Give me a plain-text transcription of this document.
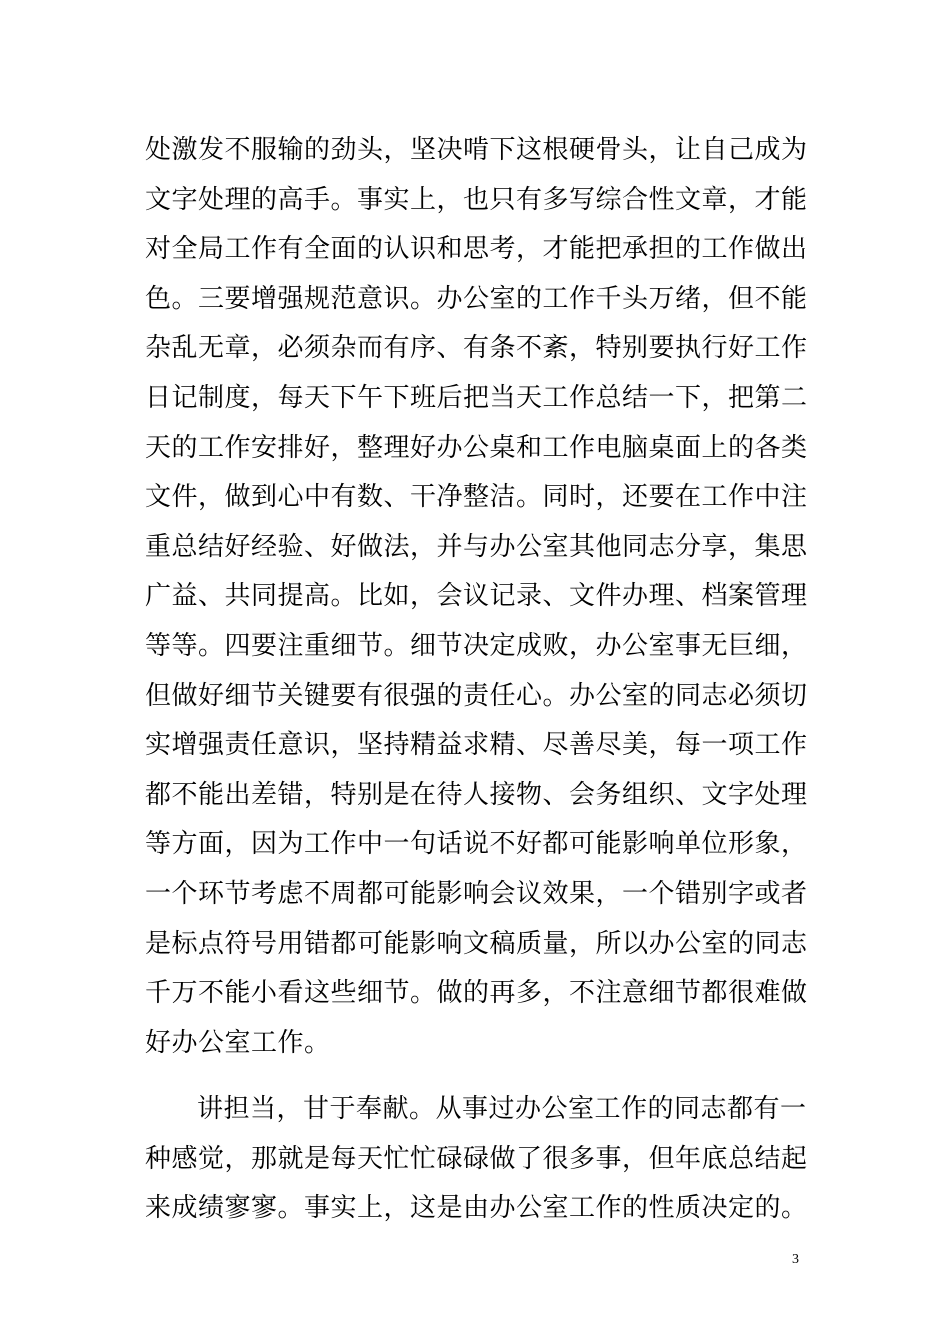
处激发不服输的劲头，坚决啃下这根硬骨头，让自己成为
文字处理的高手。事实上，也只有多写综合性文章，才能
对全局工作有全面的认识和思考，才能把承担的工作做出
色。三要增强规范意识。办公室的工作千头万绪，但不能
杂乱无章，必须杂而有序、有条不紊，特别要执行好工作
日记制度，每天下午下班后把当天工作总结一下，把第二
天的工作安排好，整理好办公桌和工作电脑桌面上的各类
文件，做到心中有数、干净整洁。同时，还要在工作中注
重总结好经验、好做法，并与办公室其他同志分享，集思
广益、共同提高。比如，会议记录、文件办理、档案管理
等等。四要注重细节。细节决定成败，办公室事无巨细，
但做好细节关键要有很强的责任心。办公室的同志必须切
实增强责任意识，坚持精益求精、尽善尽美，每一项工作
都不能出差错，特别是在待人接物、会务组织、文字处理
等方面，因为工作中一句话说不好都可能影响单位形象，
一个环节考虑不周都可能影响会议效果，一个错别字或者
是标点符号用错都可能影响文稿质量，所以办公室的同志
千万不能小看这些细节。做的再多，不注意细节都很难做
好办公室工作。
讲担当，甘于奉献。从事过办公室工作的同志都有一
种感觉，那就是每天忙忙碌碌做了很多事，但年底总结起
来成绩寥寥。事实上，这是由办公室工作的性质决定的。
3
